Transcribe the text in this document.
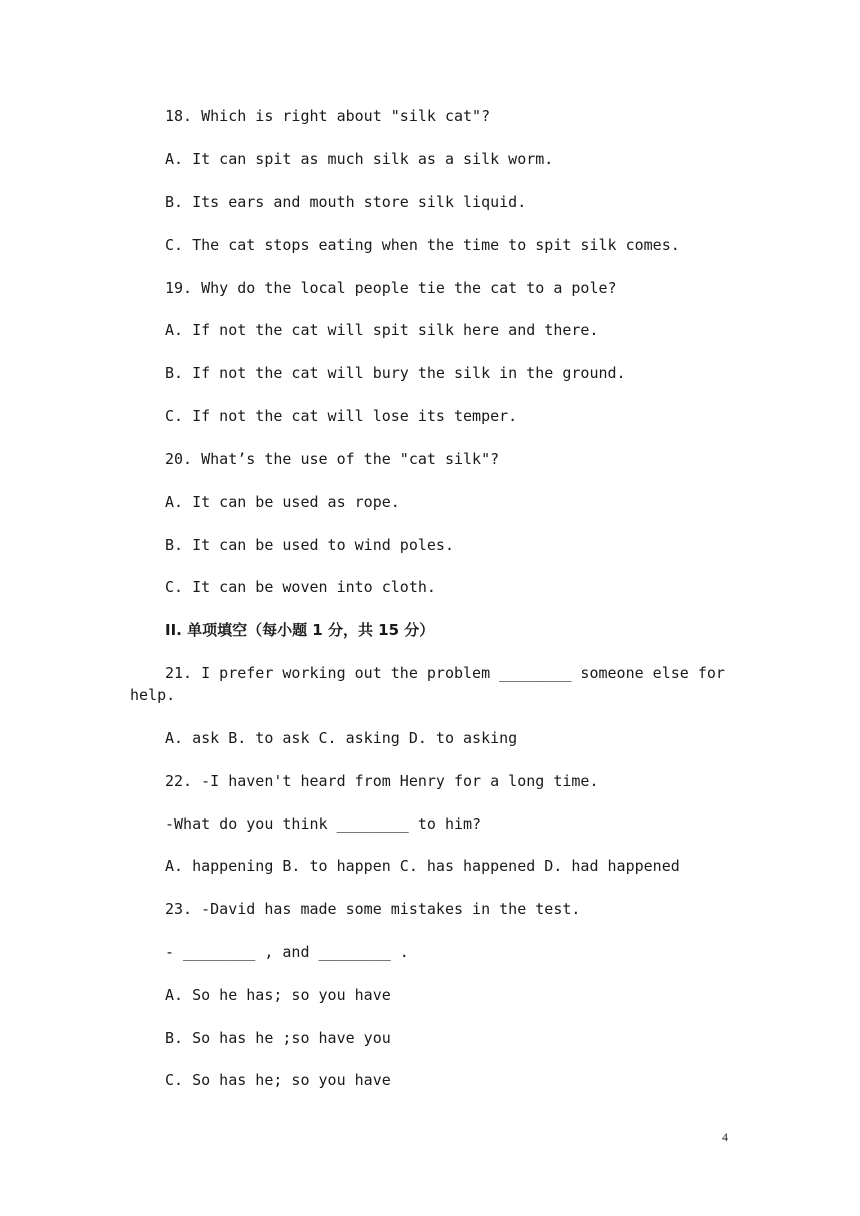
18. Which is right about "silk cat"?
A. It can spit as much silk as a silk worm.
B. Its ears and mouth store silk liquid.
C. The cat stops eating when the time to spit silk comes.
19. Why do the local people tie the cat to a pole?
A. If not the cat will spit silk here and there.
B. If not the cat will bury the silk in the ground.
C. If not the cat will lose its temper.
20. What’s the use of the "cat silk"?
A. It can be used as rope.
B. It can be used to wind poles.
C. It can be woven into cloth.
II. 单项填空（每小题 1 分，共 15 分）
21. I prefer working out the problem ________ someone else for
help.
A. ask B. to ask C. asking D. to asking
22. -I haven't heard from Henry for a long time.
-What do you think ________ to him?
A. happening B. to happen C. has happened D. had happened
23. -David has made some mistakes in the test.
- ________ , and ________ .
A. So he has; so you have
B. So has he ;so have you
C. So has he; so you have
4
